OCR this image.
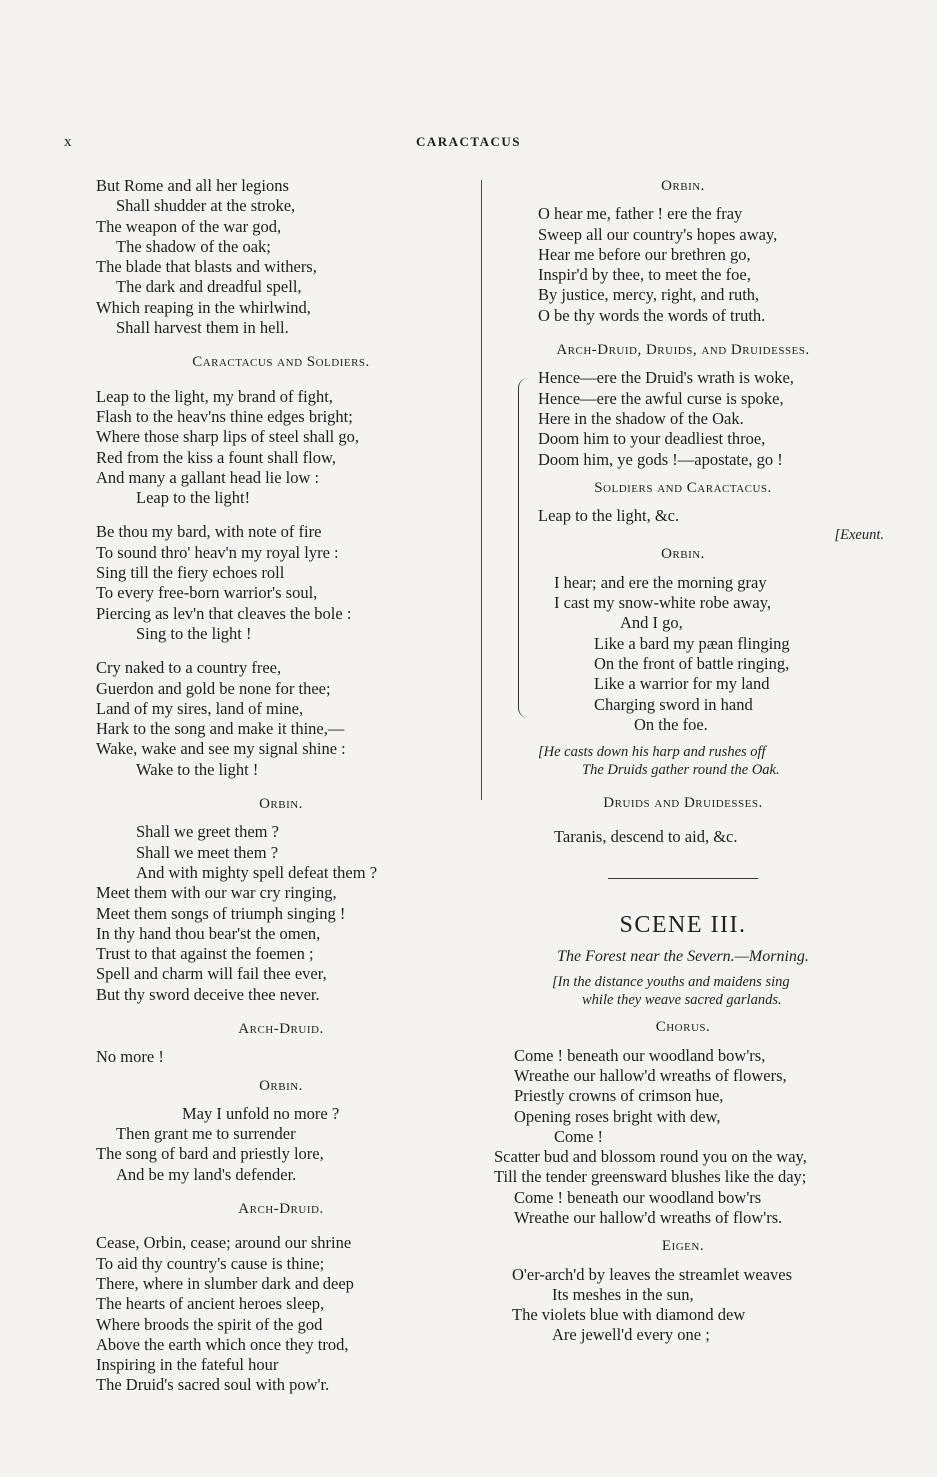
x	CARACTACUS
But Rome and all her legions
Shall shudder at the stroke,
The weapon of the war god,
The shadow of the oak;
The blade that blasts and withers,
The dark and dreadful spell,
Which reaping in the whirlwind,
Shall harvest them in hell.
Caractacus and Soldiers.
Leap to the light, my brand of fight,
Flash to the heav'ns thine edges bright;
Where those sharp lips of steel shall go,
Red from the kiss a fount shall flow,
And many a gallant head lie low :
Leap to the light!
Be thou my bard, with note of fire
To sound thro' heav'n my royal lyre :
Sing till the fiery echoes roll
To every free-born warrior's soul,
Piercing as lev'n that cleaves the bole :
Sing to the light !
Cry naked to a country free,
Guerdon and gold be none for thee;
Land of my sires, land of mine,
Hark to the song and make it thine,—
Wake, wake and see my signal shine :
Wake to the light !
Orbin.
Shall we greet them ?
Shall we meet them ?
And with mighty spell defeat them ?
Meet them with our war cry ringing,
Meet them songs of triumph singing !
In thy hand thou bear'st the omen,
Trust to that against the foemen ;
Spell and charm will fail thee ever,
But thy sword deceive thee never.
Arch-Druid.
No more !
Orbin.
May I unfold no more ?
Then grant me to surrender
The song of bard and priestly lore,
And be my land's defender.
Arch-Druid.
Cease, Orbin, cease; around our shrine
To aid thy country's cause is thine;
There, where in slumber dark and deep
The hearts of ancient heroes sleep,
Where broods the spirit of the god
Above the earth which once they trod,
Inspiring in the fateful hour
The Druid's sacred soul with pow'r.
Orbin.
O hear me, father ! ere the fray
Sweep all our country's hopes away,
Hear me before our brethren go,
Inspir'd by thee, to meet the foe,
By justice, mercy, right, and ruth,
O be thy words the words of truth.
Arch-Druid, Druids, and Druidesses.
Hence—ere the Druid's wrath is woke,
Hence—ere the awful curse is spoke,
Here in the shadow of the Oak.
Doom him to your deadliest throe,
Doom him, ye gods !—apostate, go !
Soldiers and Caractacus.
Leap to the light, &c.
[Exeunt.
Orbin.
I hear; and ere the morning gray
I cast my snow-white robe away,
And I go,
Like a bard my pæan flinging
On the front of battle ringing,
Like a warrior for my land
Charging sword in hand
On the foe.
[He casts down his harp and rushes off
The Druids gather round the Oak.
Druids and Druidesses.
Taranis, descend to aid, &c.
SCENE III.
The Forest near the Severn.—Morning.
[In the distance youths and maidens sing
while they weave sacred garlands.
Chorus.
Come ! beneath our woodland bow'rs,
Wreathe our hallow'd wreaths of flowers,
Priestly crowns of crimson hue,
Opening roses bright with dew,
Come !
Scatter bud and blossom round you on the way,
Till the tender greensward blushes like the day;
Come ! beneath our woodland bow'rs
Wreathe our hallow'd wreaths of flow'rs.
Eigen.
O'er-arch'd by leaves the streamlet weaves
Its meshes in the sun,
The violets blue with diamond dew
Are jewell'd every one ;
